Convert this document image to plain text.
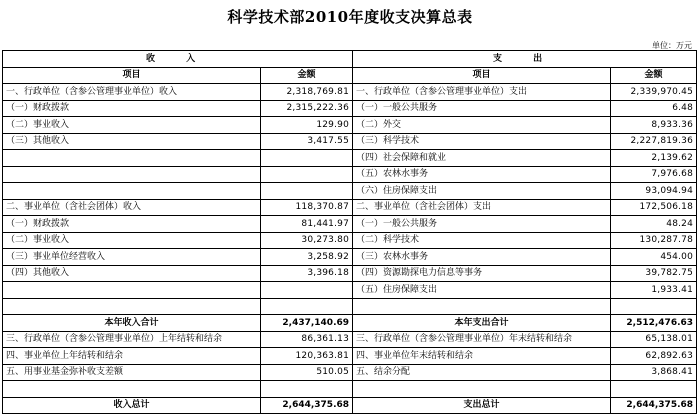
科学技术部2010年度收支决算总表
单位：万元
收 入		支 出	
项目	金额	项目	金额
一、行政单位（含参公管理事业单位）收入	2,318,769.81	一、行政单位（含参公管理事业单位）支出	2,339,970.45
（一）财政拨款	2,315,222.36	（一）一般公共服务	6.48
（二）事业收入	129.90	（二）外交	8,933.36
（三）其他收入	3,417.55	（三）科学技术	2,227,819.36
		（四）社会保障和就业	2,139.62
		（五）农林水事务	7,976.68
		（六）住房保障支出	93,094.94
二、事业单位（含社会团体）收入	118,370.87	二、事业单位（含社会团体）支出	172,506.18
（一）财政拨款	81,441.97	（一）一般公共服务	48.24
（二）事业收入	30,273.80	（二）科学技术	130,287.78
（三）事业单位经营收入	3,258.92	（三）农林水事务	454.00
（四）其他收入	3,396.18	（四）资源勘探电力信息等事务	39,782.75
		（五）住房保障支出	1,933.41

本年收入合计	2,437,140.69	本年支出合计	2,512,476.63
三、行政单位（含参公管理事业单位）上年结转和结余	86,361.13	三、行政单位（含参公管理事业单位）年末结转和结余	65,138.01
四、事业单位上年结转和结余	120,363.81	四、事业单位年末结转和结余	62,892.63
五、用事业基金弥补收支差额	510.05	五、结余分配	3,868.41

收入总计	2,644,375.68	支出总计	2,644,375.68
